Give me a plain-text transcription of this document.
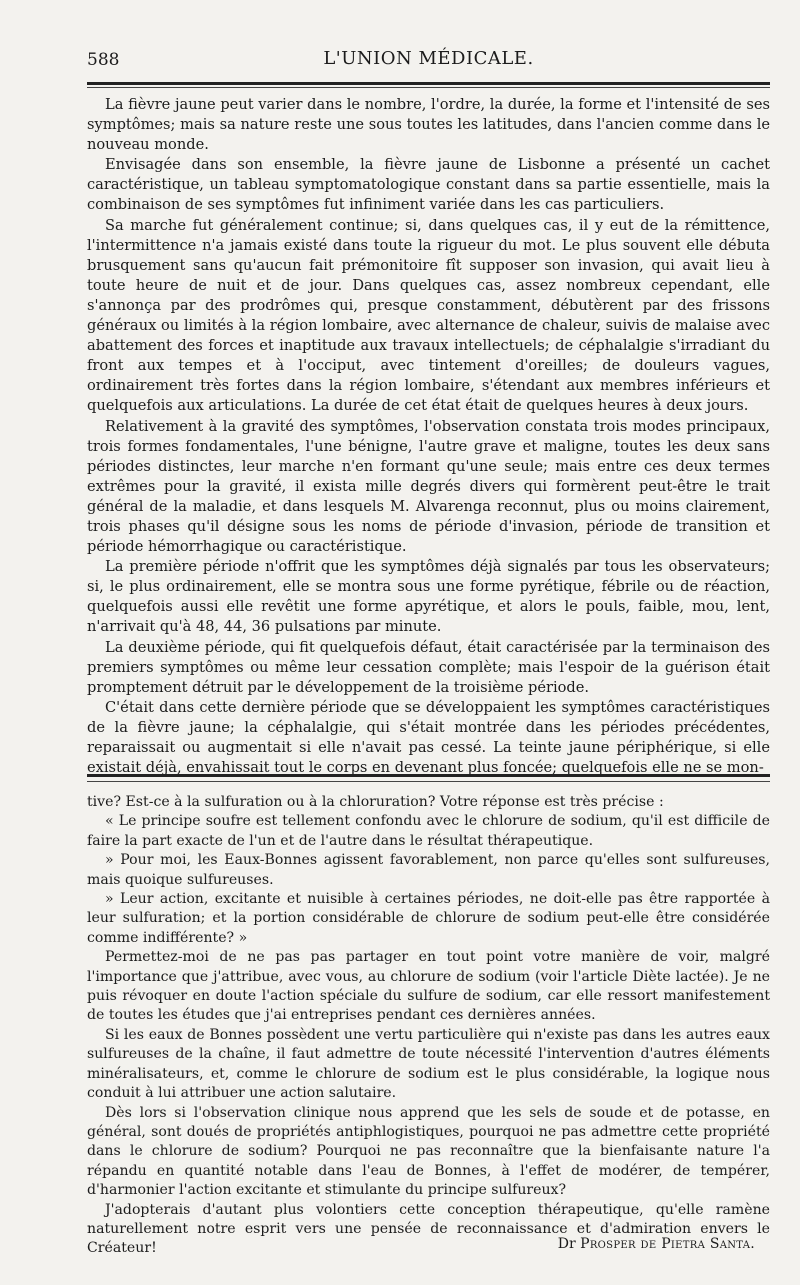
588	L'UNION MÉDICALE.

La fièvre jaune peut varier dans le nombre, l'ordre, la durée, la forme et l'intensité de ses symptômes; mais sa nature reste une sous toutes les latitudes, dans l'ancien comme dans le nouveau monde.

Envisagée dans son ensemble, la fièvre jaune de Lisbonne a présenté un cachet caractéristique, un tableau symptomatologique constant dans sa partie essentielle, mais la combinaison de ses symptômes fut infiniment variée dans les cas particuliers.

Sa marche fut généralement continue; si, dans quelques cas, il y eut de la rémittence, l'intermittence n'a jamais existé dans toute la rigueur du mot. Le plus souvent elle débuta brusquement sans qu'aucun fait prémonitoire fît supposer son invasion, qui avait lieu à toute heure de nuit et de jour. Dans quelques cas, assez nombreux cependant, elle s'annonça par des prodrômes qui, presque constamment, débutèrent par des frissons généraux ou limités à la région lombaire, avec alternance de chaleur, suivis de malaise avec abattement des forces et inaptitude aux travaux intellectuels; de céphalalgie s'irradiant du front aux tempes et à l'occiput, avec tintement d'oreilles; de douleurs vagues, ordinairement très fortes dans la région lombaire, s'étendant aux membres inférieurs et quelquefois aux articulations. La durée de cet état était de quelques heures à deux jours.

Relativement à la gravité des symptômes, l'observation constata trois modes principaux, trois formes fondamentales, l'une bénigne, l'autre grave et maligne, toutes les deux sans périodes distinctes, leur marche n'en formant qu'une seule; mais entre ces deux termes extrêmes pour la gravité, il exista mille degrés divers qui formèrent peut-être le trait général de la maladie, et dans lesquels M. Alvarenga reconnut, plus ou moins clairement, trois phases qu'il désigne sous les noms de période d'invasion, période de transition et période hémorrhagique ou caractéristique.

La première période n'offrit que les symptômes déjà signalés par tous les observateurs; si, le plus ordinairement, elle se montra sous une forme pyrétique, fébrile ou de réaction, quelquefois aussi elle revêtit une forme apyrétique, et alors le pouls, faible, mou, lent, n'arrivait qu'à 48, 44, 36 pulsations par minute.

La deuxième période, qui fit quelquefois défaut, était caractérisée par la terminaison des premiers symptômes ou même leur cessation complète; mais l'espoir de la guérison était promptement détruit par le développement de la troisième période.

C'était dans cette dernière période que se développaient les symptômes caractéristiques de la fièvre jaune; la céphalalgie, qui s'était montrée dans les périodes précédentes, reparaissait ou augmentait si elle n'avait pas cessé. La teinte jaune périphérique, si elle existait déjà, envahissait tout le corps en devenant plus foncée; quelquefois elle ne se mon-

tive? Est-ce à la sulfuration ou à la chloruration? Votre réponse est très précise :

« Le principe soufre est tellement confondu avec le chlorure de sodium, qu'il est difficile de faire la part exacte de l'un et de l'autre dans le résultat thérapeutique.

» Pour moi, les Eaux-Bonnes agissent favorablement, non parce qu'elles sont sulfureuses, mais quoique sulfureuses.

» Leur action, excitante et nuisible à certaines périodes, ne doit-elle pas être rapportée à leur sulfuration; et la portion considérable de chlorure de sodium peut-elle être considérée comme indifférente? »

Permettez-moi de ne pas pas partager en tout point votre manière de voir, malgré l'importance que j'attribue, avec vous, au chlorure de sodium (voir l'article Diète lactée). Je ne puis révoquer en doute l'action spéciale du sulfure de sodium, car elle ressort manifestement de toutes les études que j'ai entreprises pendant ces dernières années.

Si les eaux de Bonnes possèdent une vertu particulière qui n'existe pas dans les autres eaux sulfureuses de la chaîne, il faut admettre de toute nécessité l'intervention d'autres éléments minéralisateurs, et, comme le chlorure de sodium est le plus considérable, la logique nous conduit à lui attribuer une action salutaire.

Dès lors si l'observation clinique nous apprend que les sels de soude et de potasse, en général, sont doués de propriétés antiphlogistiques, pourquoi ne pas admettre cette propriété dans le chlorure de sodium? Pourquoi ne pas reconnaître que la bienfaisante nature l'a répandu en quantité notable dans l'eau de Bonnes, à l'effet de modérer, de tempérer, d'harmonier l'action excitante et stimulante du principe sulfureux?

J'adopterais d'autant plus volontiers cette conception thérapeutique, qu'elle ramène naturellement notre esprit vers une pensée de reconnaissance et d'admiration envers le Créateur!	Dr Prosper de Pietra Santa.
